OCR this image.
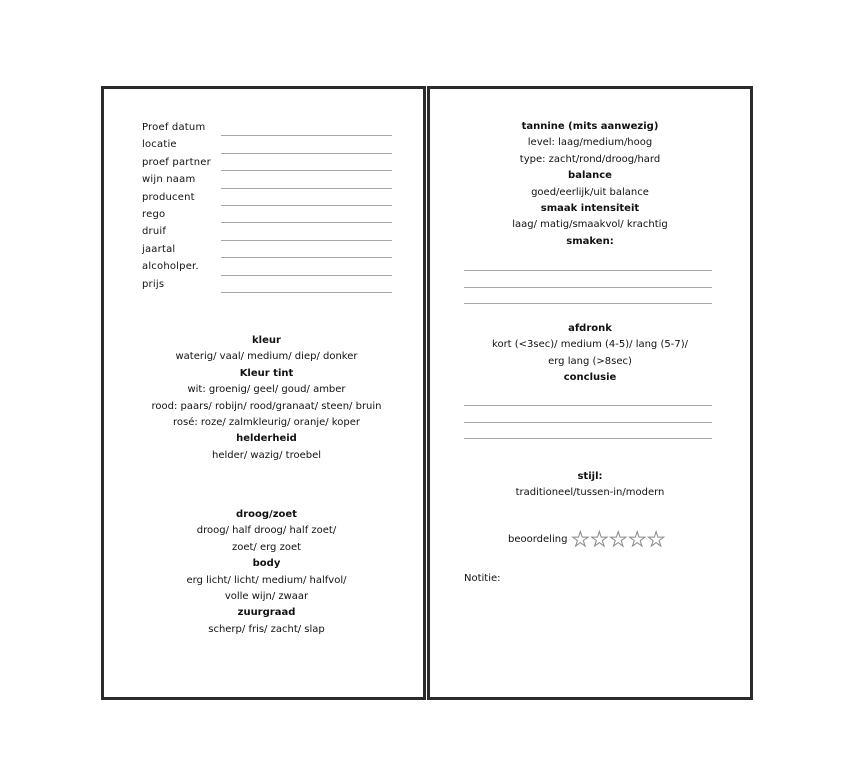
Proef datum
locatie
proef partner
wijn naam
producent
rego
druif
jaartal
alcoholper.
prijs
kleur
waterig/ vaal/ medium/ diep/ donker
Kleur tint
wit: groenig/ geel/ goud/ amber
rood: paars/ robijn/ rood/granaat/ steen/ bruin
rosé: roze/ zalmkleurig/ oranje/ koper
helderheid
helder/ wazig/ troebel
droog/zoet
droog/ half droog/ half zoet/
zoet/ erg zoet
body
erg licht/ licht/ medium/ halfvol/
volle wijn/ zwaar
zuurgraad
scherp/ fris/ zacht/ slap
tannine (mits aanwezig)
level: laag/medium/hoog
type: zacht/rond/droog/hard
balance
goed/eerlijk/uit balance
smaak intensiteit
laag/ matig/smaakvol/ krachtig
smaken:
afdronk
kort (<3sec)/ medium (4-5)/ lang (5-7)/
erg lang (>8sec)
conclusie
stijl:
traditioneel/tussen-in/modern
beoordeling ★ ★ ★ ★ ★
Notitie:
